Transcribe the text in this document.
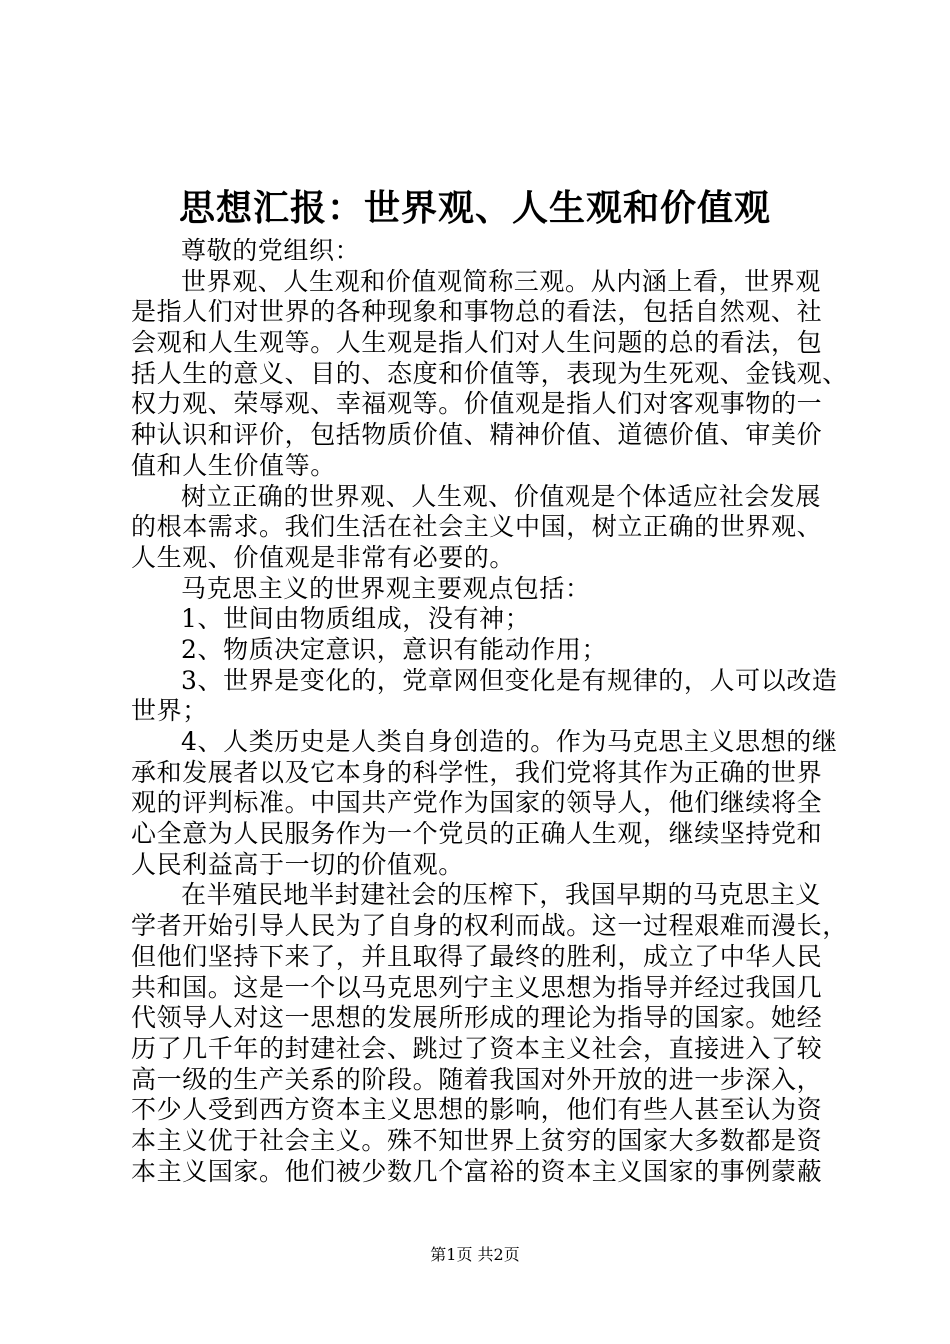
思想汇报：世界观、人生观和价值观
尊敬的党组织：
世界观、人生观和价值观简称三观。从内涵上看，世界观
是指人们对世界的各种现象和事物总的看法，包括自然观、社
会观和人生观等。人生观是指人们对人生问题的总的看法，包
括人生的意义、目的、态度和价值等，表现为生死观、金钱观、
权力观、荣辱观、幸福观等。价值观是指人们对客观事物的一
种认识和评价，包括物质价值、精神价值、道德价值、审美价
值和人生价值等。
树立正确的世界观、人生观、价值观是个体适应社会发展
的根本需求。我们生活在社会主义中国，树立正确的世界观、
人生观、价值观是非常有必要的。
马克思主义的世界观主要观点包括：
1、世间由物质组成，没有神；
2、物质决定意识，意识有能动作用；
3、世界是变化的，党章网但变化是有规律的，人可以改造
世界；
4、人类历史是人类自身创造的。作为马克思主义思想的继
承和发展者以及它本身的科学性，我们党将其作为正确的世界
观的评判标准。中国共产党作为国家的领导人，他们继续将全
心全意为人民服务作为一个党员的正确人生观，继续坚持党和
人民利益高于一切的价值观。
在半殖民地半封建社会的压榨下，我国早期的马克思主义
学者开始引导人民为了自身的权利而战。这一过程艰难而漫长，
但他们坚持下来了，并且取得了最终的胜利，成立了中华人民
共和国。这是一个以马克思列宁主义思想为指导并经过我国几
代领导人对这一思想的发展所形成的理论为指导的国家。她经
历了几千年的封建社会、跳过了资本主义社会，直接进入了较
高一级的生产关系的阶段。随着我国对外开放的进一步深入，
不少人受到西方资本主义思想的影响，他们有些人甚至认为资
本主义优于社会主义。殊不知世界上贫穷的国家大多数都是资
本主义国家。他们被少数几个富裕的资本主义国家的事例蒙蔽
第1页 共2页
